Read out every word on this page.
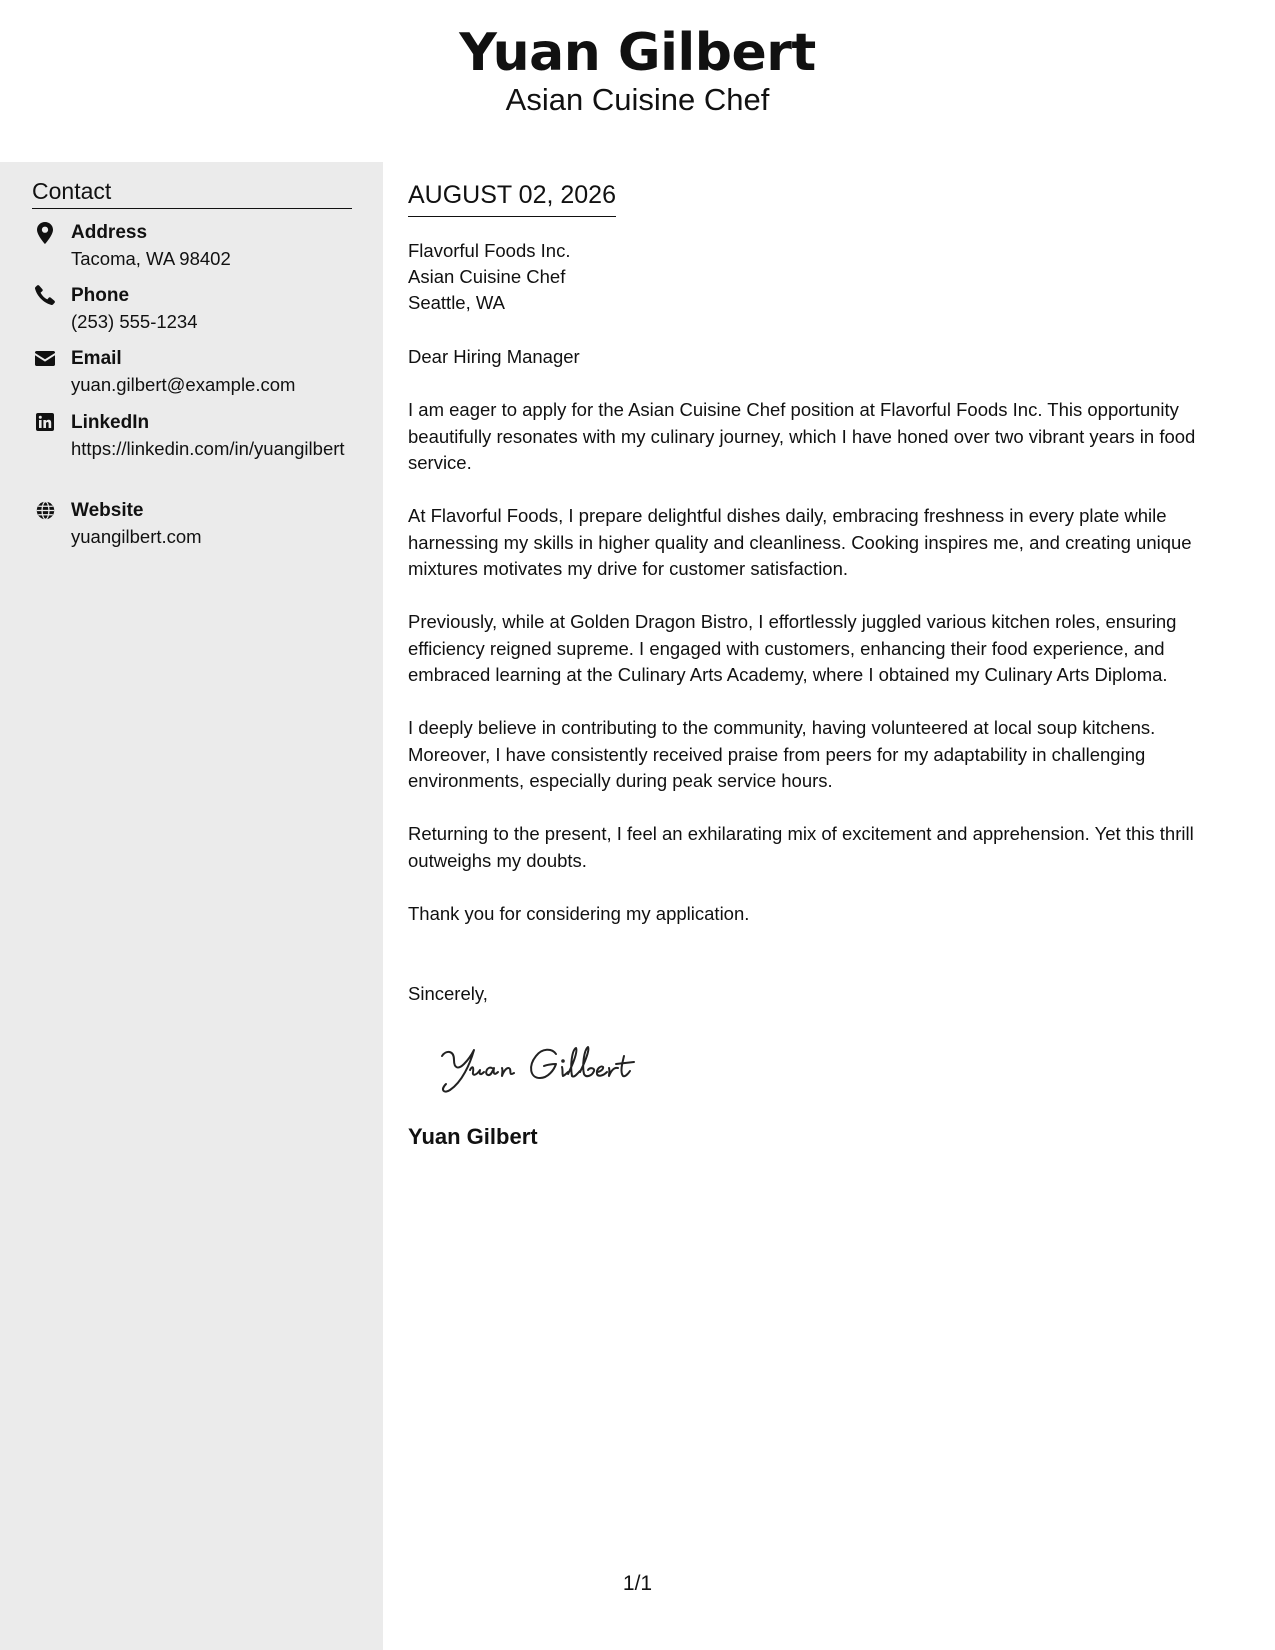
Yuan Gilbert
Asian Cuisine Chef
Contact
Address
Tacoma, WA 98402
Phone
(253) 555-1234
Email
yuan.gilbert@example.com
LinkedIn
https://linkedin.com/in/yuangilbert
Website
yuangilbert.com
AUGUST 02, 2026
Flavorful Foods Inc.
Asian Cuisine Chef
Seattle, WA
Dear Hiring Manager
I am eager to apply for the Asian Cuisine Chef position at Flavorful Foods Inc. This opportunity beautifully resonates with my culinary journey, which I have honed over two vibrant years in food service.
At Flavorful Foods, I prepare delightful dishes daily, embracing freshness in every plate while harnessing my skills in higher quality and cleanliness. Cooking inspires me, and creating unique mixtures motivates my drive for customer satisfaction.
Previously, while at Golden Dragon Bistro, I effortlessly juggled various kitchen roles, ensuring efficiency reigned supreme. I engaged with customers, enhancing their food experience, and embraced learning at the Culinary Arts Academy, where I obtained my Culinary Arts Diploma.
I deeply believe in contributing to the community, having volunteered at local soup kitchens. Moreover, I have consistently received praise from peers for my adaptability in challenging environments, especially during peak service hours.
Returning to the present, I feel an exhilarating mix of excitement and apprehension. Yet this thrill outweighs my doubts.
Thank you for considering my application.
Sincerely,
Yuan Gilbert
1/1
